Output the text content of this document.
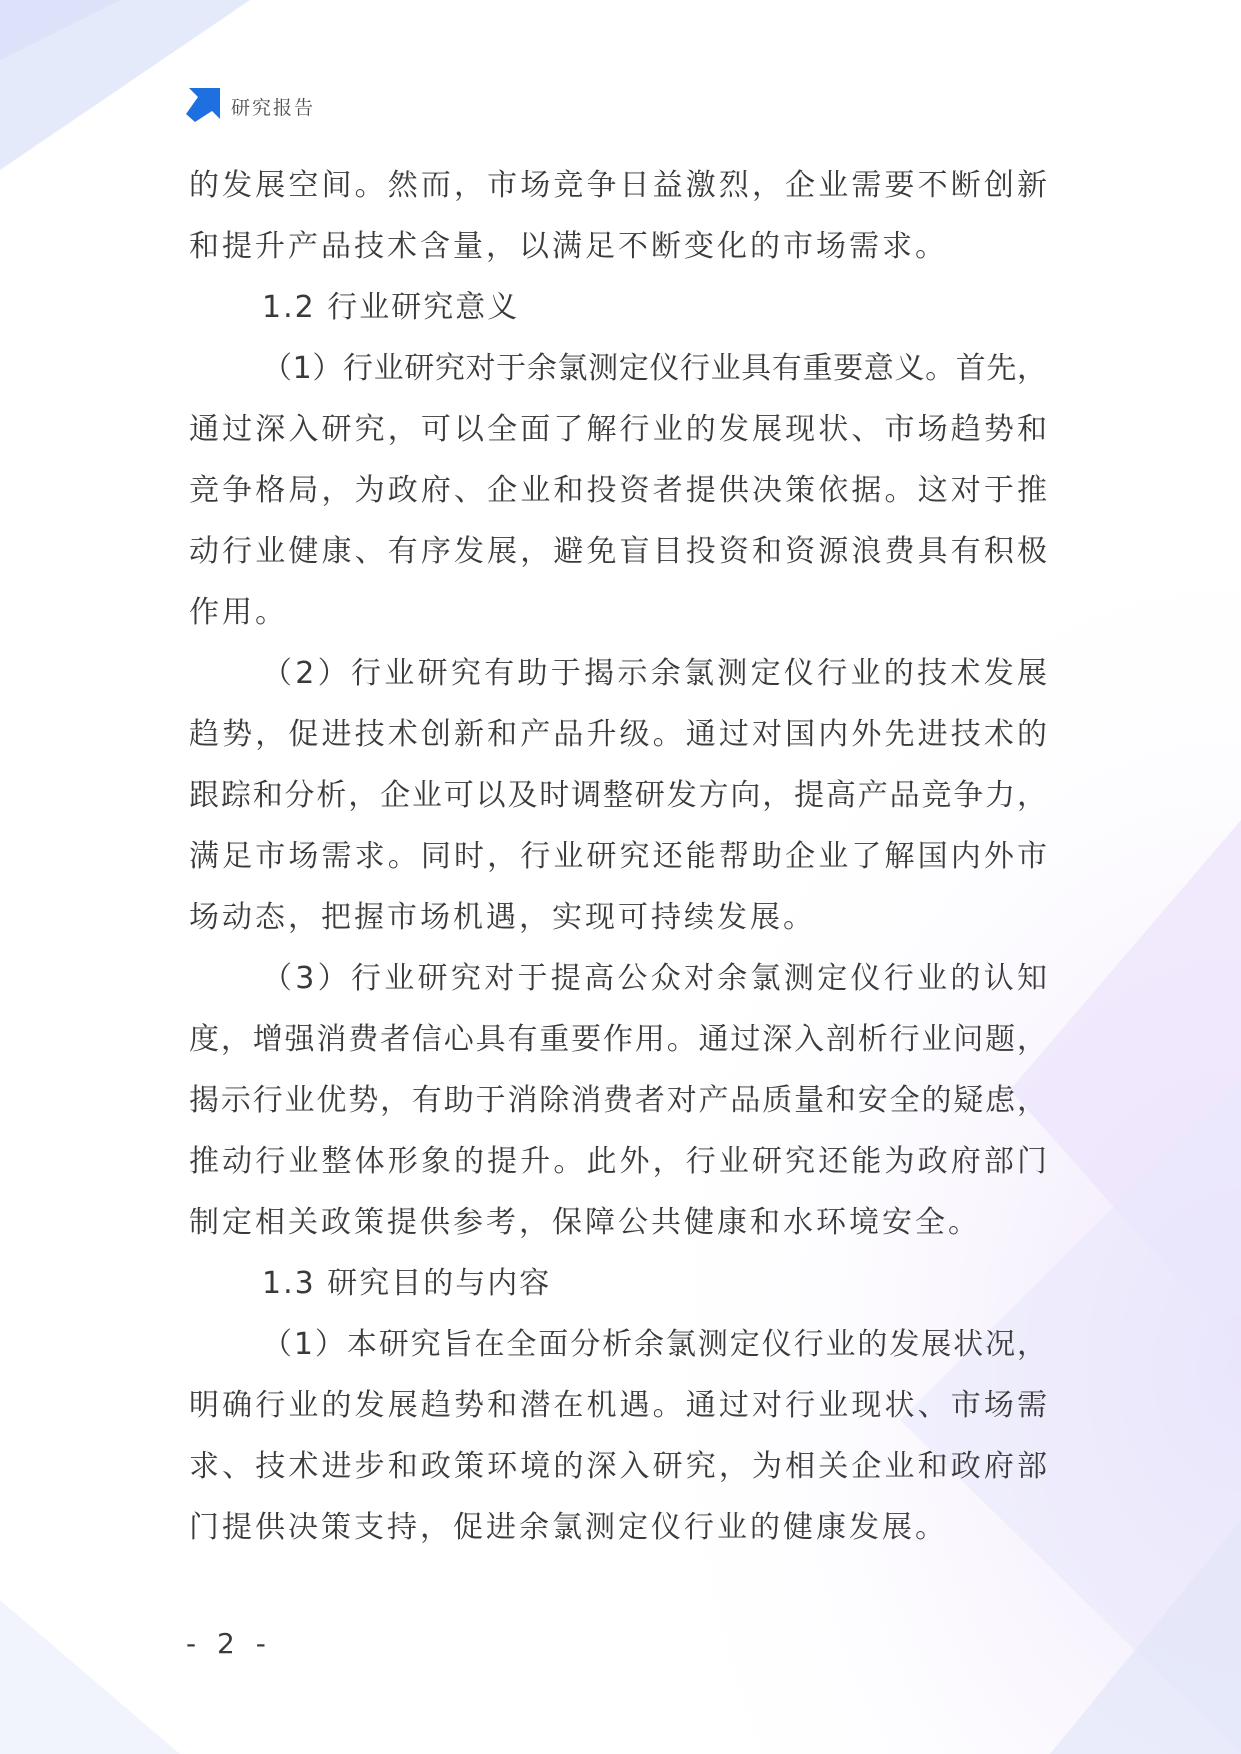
研究报告
的发展空间。然而，市场竞争日益激烈，企业需要不断创新
和提升产品技术含量，以满足不断变化的市场需求。
1.2 行业研究意义
（1）行业研究对于余氯测定仪行业具有重要意义。首先，
通过深入研究，可以全面了解行业的发展现状、市场趋势和
竞争格局，为政府、企业和投资者提供决策依据。这对于推
动行业健康、有序发展，避免盲目投资和资源浪费具有积极
作用。
（2）行业研究有助于揭示余氯测定仪行业的技术发展
趋势，促进技术创新和产品升级。通过对国内外先进技术的
跟踪和分析，企业可以及时调整研发方向，提高产品竞争力，
满足市场需求。同时，行业研究还能帮助企业了解国内外市
场动态，把握市场机遇，实现可持续发展。
（3）行业研究对于提高公众对余氯测定仪行业的认知
度，增强消费者信心具有重要作用。通过深入剖析行业问题，
揭示行业优势，有助于消除消费者对产品质量和安全的疑虑，
推动行业整体形象的提升。此外，行业研究还能为政府部门
制定相关政策提供参考，保障公共健康和水环境安全。
1.3 研究目的与内容
（1）本研究旨在全面分析余氯测定仪行业的发展状况，
明确行业的发展趋势和潜在机遇。通过对行业现状、市场需
求、技术进步和政策环境的深入研究，为相关企业和政府部
门提供决策支持，促进余氯测定仪行业的健康发展。
- 2 -
